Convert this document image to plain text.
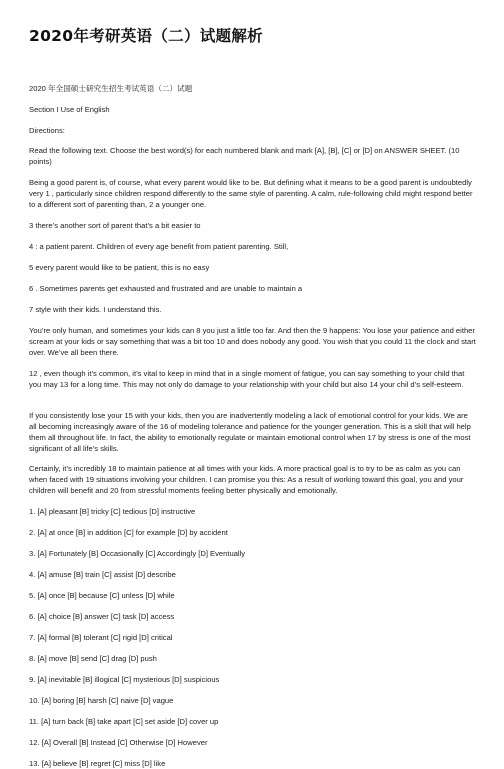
2020年考研英语（二）试题解析

2020 年全国硕士研究生招生考试英语（二）试题

Section I Use of English

Directions:

Read the following text. Choose the best word(s) for each numbered blank and mark [A], [B], [C] or [D] on ANSWER SHEET. (10 points)

Being a good parent is, of course, what every parent would like to be. But defining what it means to be a good parent is undoubtedly very 1 , particularly since children respond differently to the same style of parenting. A calm, rule-following child might respond better to a different sort of parenting than, 2 a younger one.

3 there’s another sort of parent that’s a bit easier to

4 : a patient parent. Children of every age benefit from patient parenting. Still,

5 every parent would like to be patient, this is no easy

6 . Sometimes parents get exhausted and frustrated and are unable to maintain a

7 style with their kids. I understand this.

You’re only human, and sometimes your kids can 8 you just a little too far. And then the 9 happens: You lose your patience and either scream at your kids or say something that was a bit too 10 and does nobody any good. You wish that you could 11 the clock and start over. We’ve all been there.

12 , even though it’s common, it’s vital to keep in mind that in a single moment of fatigue, you can say something to your child that you may 13 for a long time. This may not only do damage to your relationship with your child but also 14 your chil d’s self-esteem.

If you consistently lose your 15 with your kids, then you are inadvertently modeling a lack of emotional control for your kids. We are all becoming increasingly aware of the 16 of modeling tolerance and patience for the younger generation. This is a skill that will help them all throughout life. In fact, the ability to emotionally regulate or maintain emotional control when 17 by stress is one of the most significant of all life’s skills.

Certainly, it’s incredibly 18 to maintain patience at all times with your kids. A more practical goal is to try to be as calm as you can when faced with 19 situations involving your children. I can promise you this: As a result of working toward this goal, you and your children will benefit and 20 from stressful moments feeling better physically and emotionally.

1. [A] pleasant [B] tricky [C] tedious [D] instructive

2. [A] at once [B] in addition [C] for example [D] by accident

3. [A] Fortunately [B] Occasionally [C] Accordingly [D] Eventually

4. [A] amuse [B] train [C] assist [D] describe

5. [A] once [B] because [C] unless [D] while

6. [A] choice [B] answer [C] task [D] access

7. [A] formal [B] tolerant [C] rigid [D] critical

8. [A] move [B] send [C] drag [D] push

9. [A] inevitable [B] illogical [C] mysterious [D] suspicious

10. [A] boring [B] harsh [C] naive [D] vague

11. [A] turn back [B] take apart [C] set aside [D] cover up

12. [A] Overall [B] Instead [C] Otherwise [D] However

13. [A] believe [B] regret [C] miss [D] like
